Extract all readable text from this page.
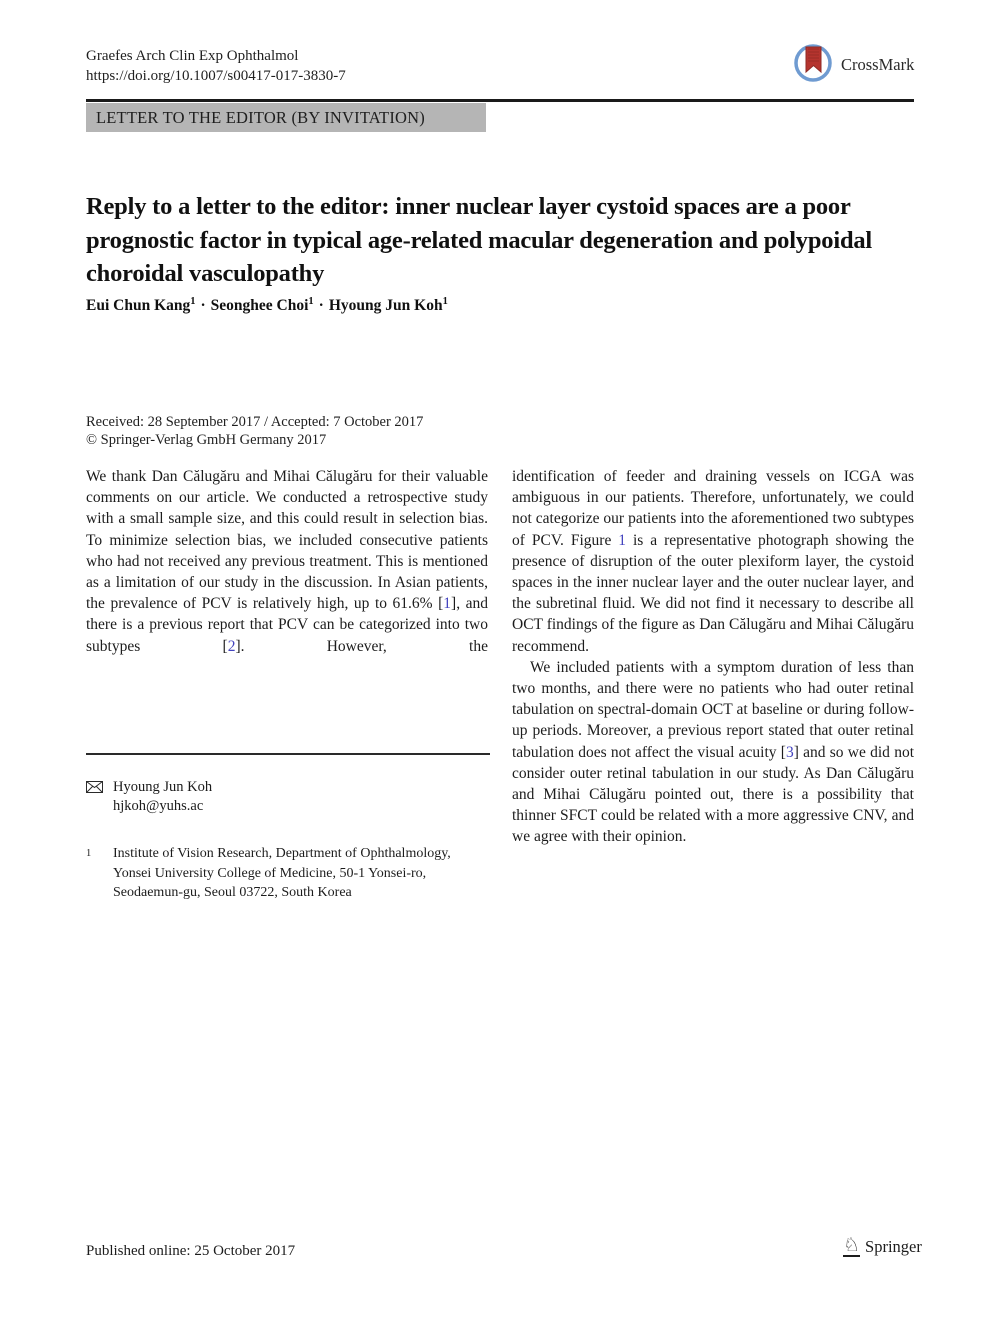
Graefes Arch Clin Exp Ophthalmol
https://doi.org/10.1007/s00417-017-3830-7
CrossMark
LETTER TO THE EDITOR (BY INVITATION)
Reply to a letter to the editor: inner nuclear layer cystoid spaces are a poor prognostic factor in typical age-related macular degeneration and polypoidal choroidal vasculopathy
Eui Chun Kang$^1$ · Seonghee Choi$^1$ · Hyoung Jun Koh$^1$
Received: 28 September 2017 / Accepted: 7 October 2017
© Springer-Verlag GmbH Germany 2017

We thank Dan Călugăru and Mihai Călugăru for their valuable comments on our article. We conducted a retrospective study with a small sample size, and this could result in selection bias. To minimize selection bias, we included consecutive patients who had not received any previous treatment. This is mentioned as a limitation of our study in the discussion. In Asian patients, the prevalence of PCV is relatively high, up to 61.6% [1], and there is a previous report that PCV can be categorized into two subtypes [2]. However, the

identification of feeder and draining vessels on ICGA was ambiguous in our patients. Therefore, unfortunately, we could not categorize our patients into the aforementioned two subtypes of PCV. Figure 1 is a representative photograph showing the presence of disruption of the outer plexiform layer, the cystoid spaces in the inner nuclear layer and the outer nuclear layer, and the subretinal fluid. We did not find it necessary to describe all OCT findings of the figure as Dan Călugăru and Mihai Călugăru recommend.

We included patients with a symptom duration of less than two months, and there were no patients who had outer retinal tabulation on spectral-domain OCT at baseline or during follow-up periods. Moreover, a previous report stated that outer retinal tabulation does not affect the visual acuity [3] and so we did not consider outer retinal tabulation in our study. As Dan Călugăru and Mihai Călugăru pointed out, there is a possibility that thinner SFCT could be related with a more aggressive CNV, and we agree with their opinion.

Hyoung Jun Koh
hjkoh@yuhs.ac
1	Institute of Vision Research, Department of Ophthalmology, Yonsei University College of Medicine, 50-1 Yonsei-ro, Seodaemun-gu, Seoul 03722, South Korea
Published online: 25 October 2017	♘ Springer
